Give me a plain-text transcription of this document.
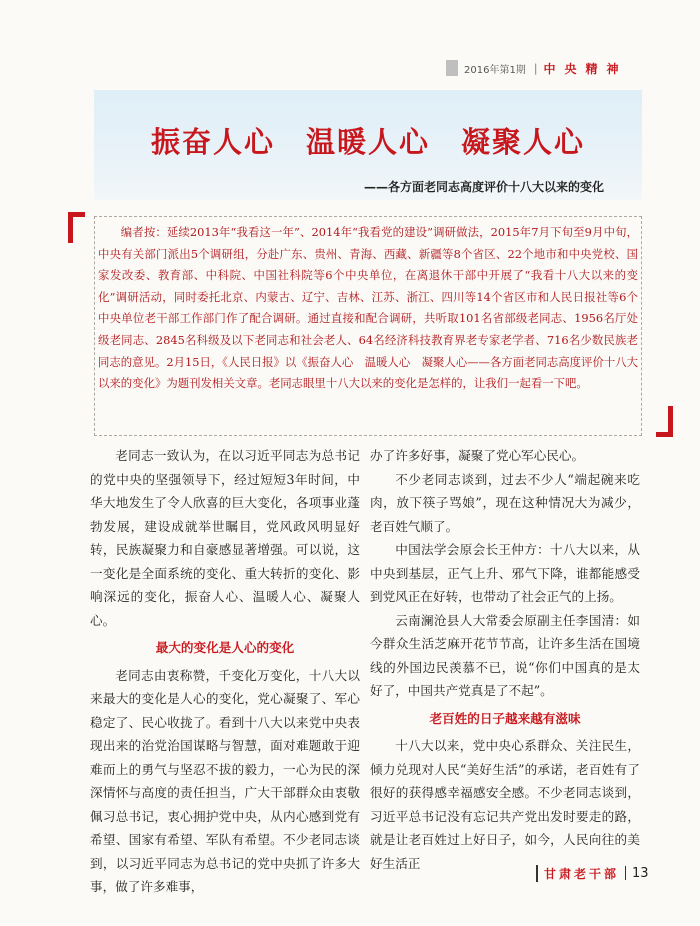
2016年第1期 | 中央精神
振奋人心　温暖人心　凝聚人心
——各方面老同志高度评价十八大以来的变化
编者按：延续2013年“我看这一年”、2014年“我看党的建设”调研做法，2015年7月下旬至9月中旬，中央有关部门派出5个调研组，分赴广东、贵州、青海、西藏、新疆等8个省区、22个地市和中央党校、国家发改委、教育部、中科院、中国社科院等6个中央单位，在离退休干部中开展了“我看十八大以来的变化”调研活动，同时委托北京、内蒙古、辽宁、吉林、江苏、浙江、四川等14个省区市和人民日报社等6个中央单位老干部工作部门作了配合调研。通过直接和配合调研，共听取101名省部级老同志、1956名厅处级老同志、2845名科级及以下老同志和社会老人、64名经济科技教育界老专家老学者、716名少数民族老同志的意见。2月15日，《人民日报》以《振奋人心　温暖人心　凝聚人心——各方面老同志高度评价十八大以来的变化》为题刊发相关文章。老同志眼里十八大以来的变化是怎样的，让我们一起看一下吧。

老同志一致认为，在以习近平同志为总书记的党中央的坚强领导下，经过短短3年时间，中华大地发生了令人欣喜的巨大变化，各项事业蓬勃发展，建设成就举世瞩目，党风政风明显好转，民族凝聚力和自豪感显著增强。可以说，这一变化是全面系统的变化、重大转折的变化、影响深远的变化，振奋人心、温暖人心、凝聚人心。

最大的变化是人心的变化

老同志由衷称赞，千变化万变化，十八大以来最大的变化是人心的变化，党心凝聚了、军心稳定了、民心收拢了。看到十八大以来党中央表现出来的治党治国谋略与智慧，面对难题敢于迎难而上的勇气与坚忍不拔的毅力，一心为民的深深情怀与高度的责任担当，广大干部群众由衷敬佩习总书记，衷心拥护党中央，从内心感到党有希望、国家有希望、军队有希望。不少老同志谈到，以习近平同志为总书记的党中央抓了许多大事，做了许多难事，

办了许多好事，凝聚了党心军心民心。

不少老同志谈到，过去不少人“端起碗来吃肉，放下筷子骂娘”，现在这种情况大为减少，老百姓气顺了。

中国法学会原会长王仲方：十八大以来，从中央到基层，正气上升、邪气下降，谁都能感受到党风正在好转，也带动了社会正气的上扬。

云南澜沧县人大常委会原副主任李国清：如今群众生活芝麻开花节节高，让许多生活在国境线的外国边民羡慕不已，说“你们中国真的是太好了，中国共产党真是了不起”。

老百姓的日子越来越有滋味

十八大以来，党中央心系群众、关注民生，倾力兑现对人民“美好生活”的承诺，老百姓有了很好的获得感幸福感安全感。不少老同志谈到，习近平总书记没有忘记共产党出发时要走的路，就是让老百姓过上好日子，如今，人民向往的美好生活正

甘肃老干部 13
